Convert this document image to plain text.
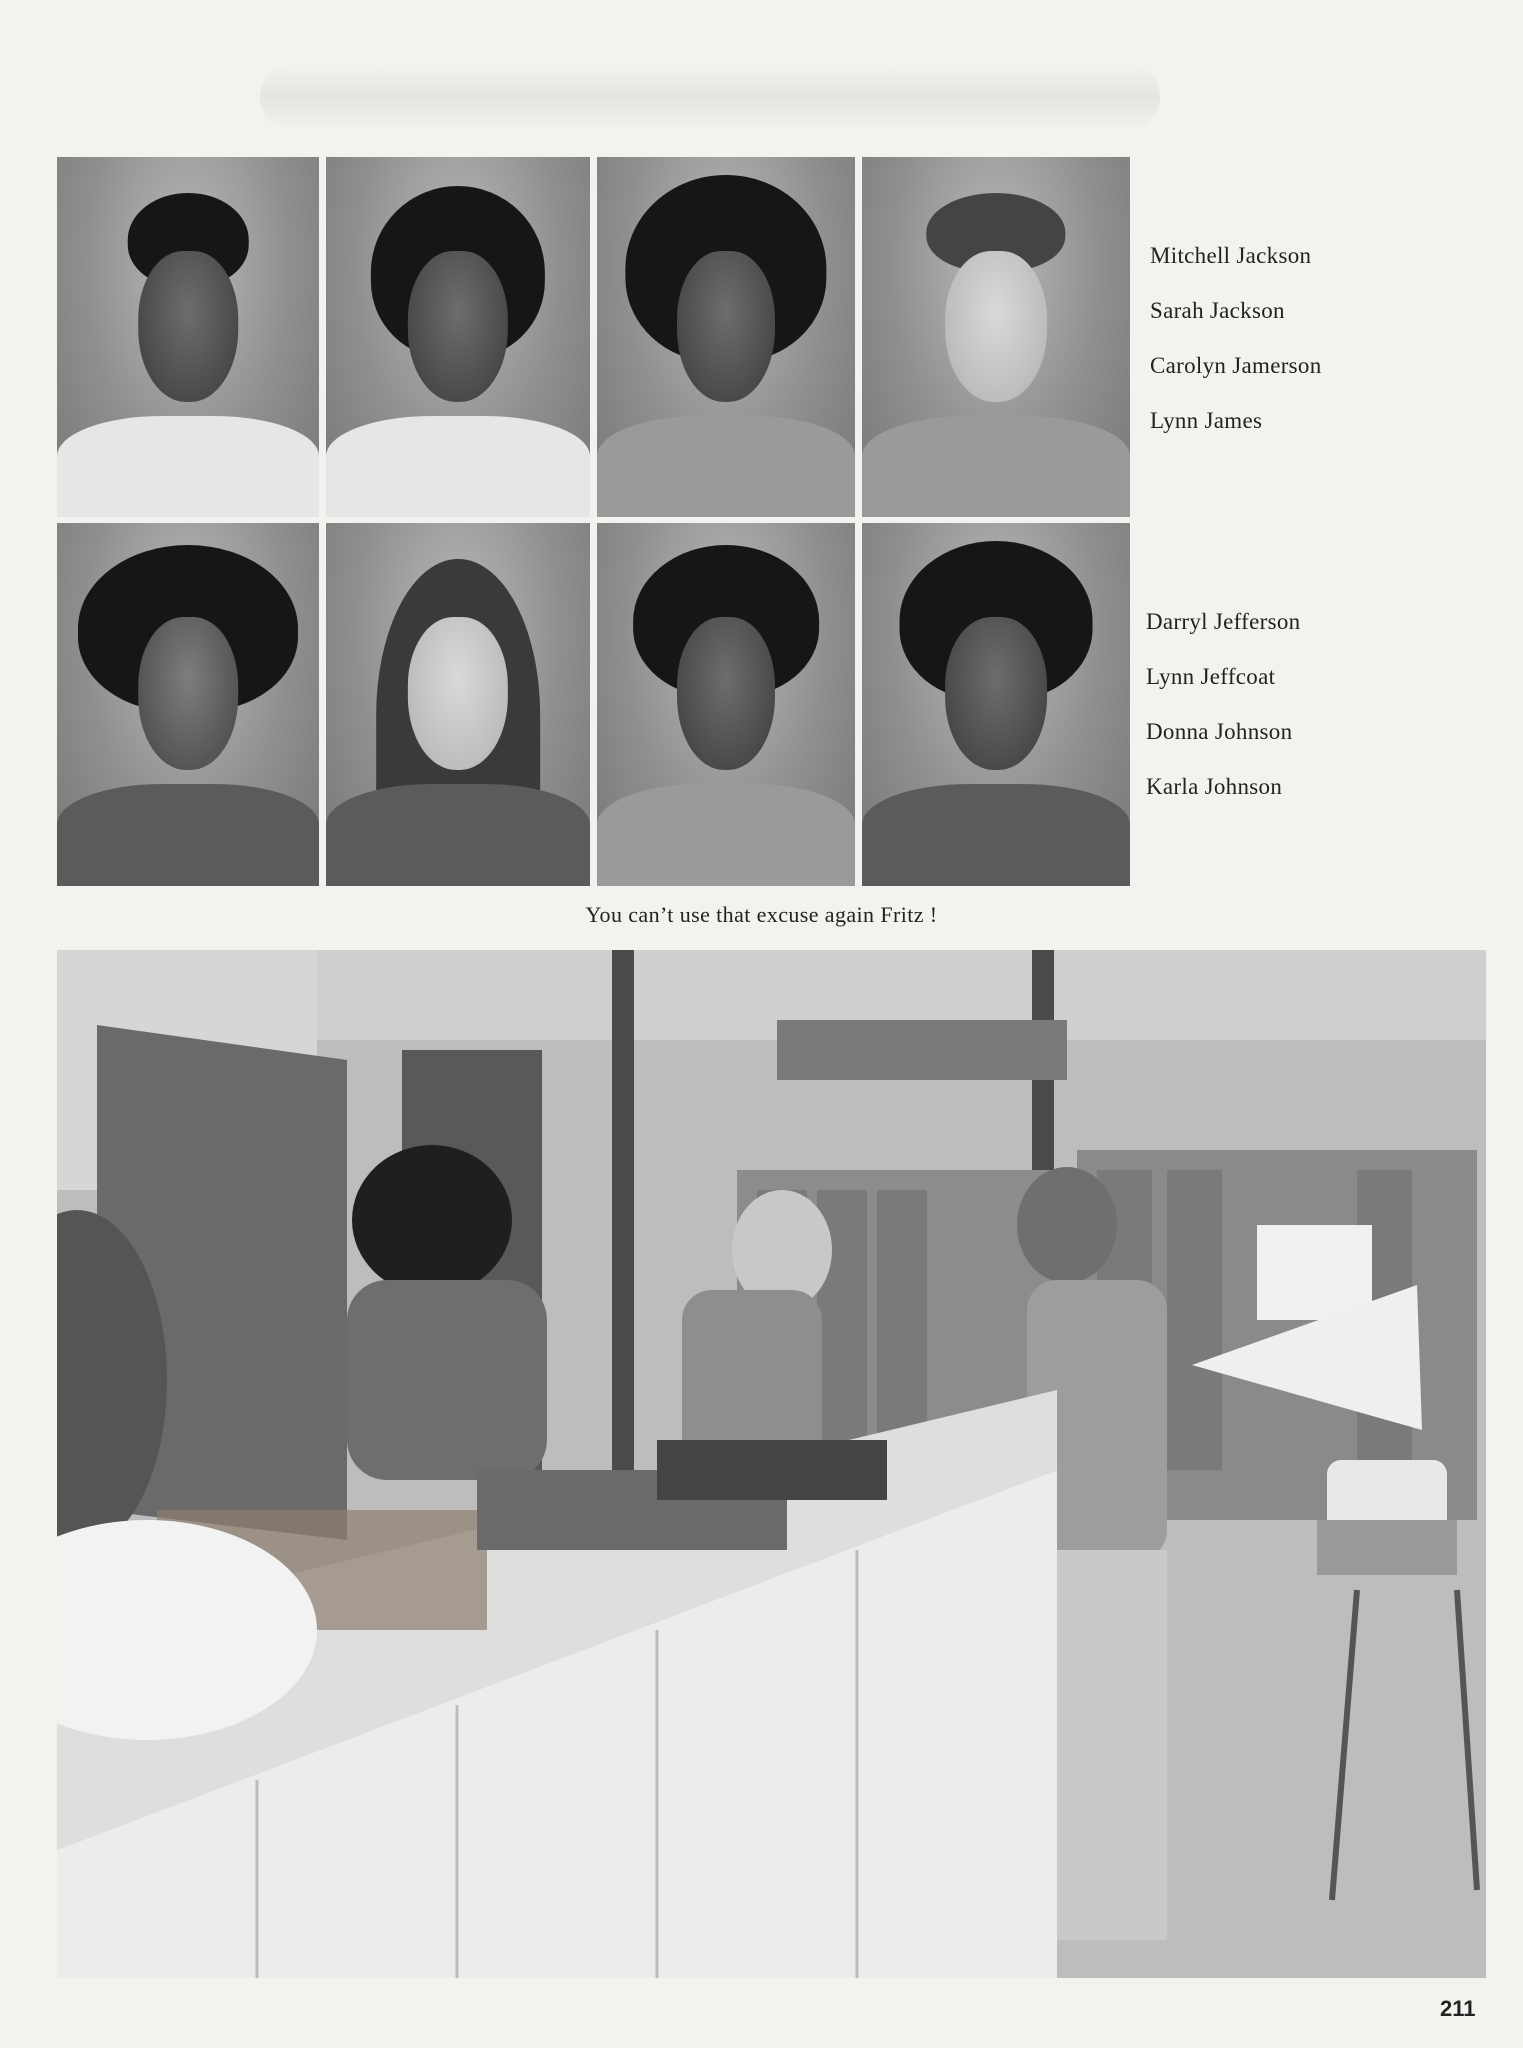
Mitchell Jackson
Sarah Jackson
Carolyn Jamerson
Lynn James
Darryl Jefferson
Lynn Jeffcoat
Donna Johnson
Karla Johnson
You can’t use that excuse again Fritz !
211
